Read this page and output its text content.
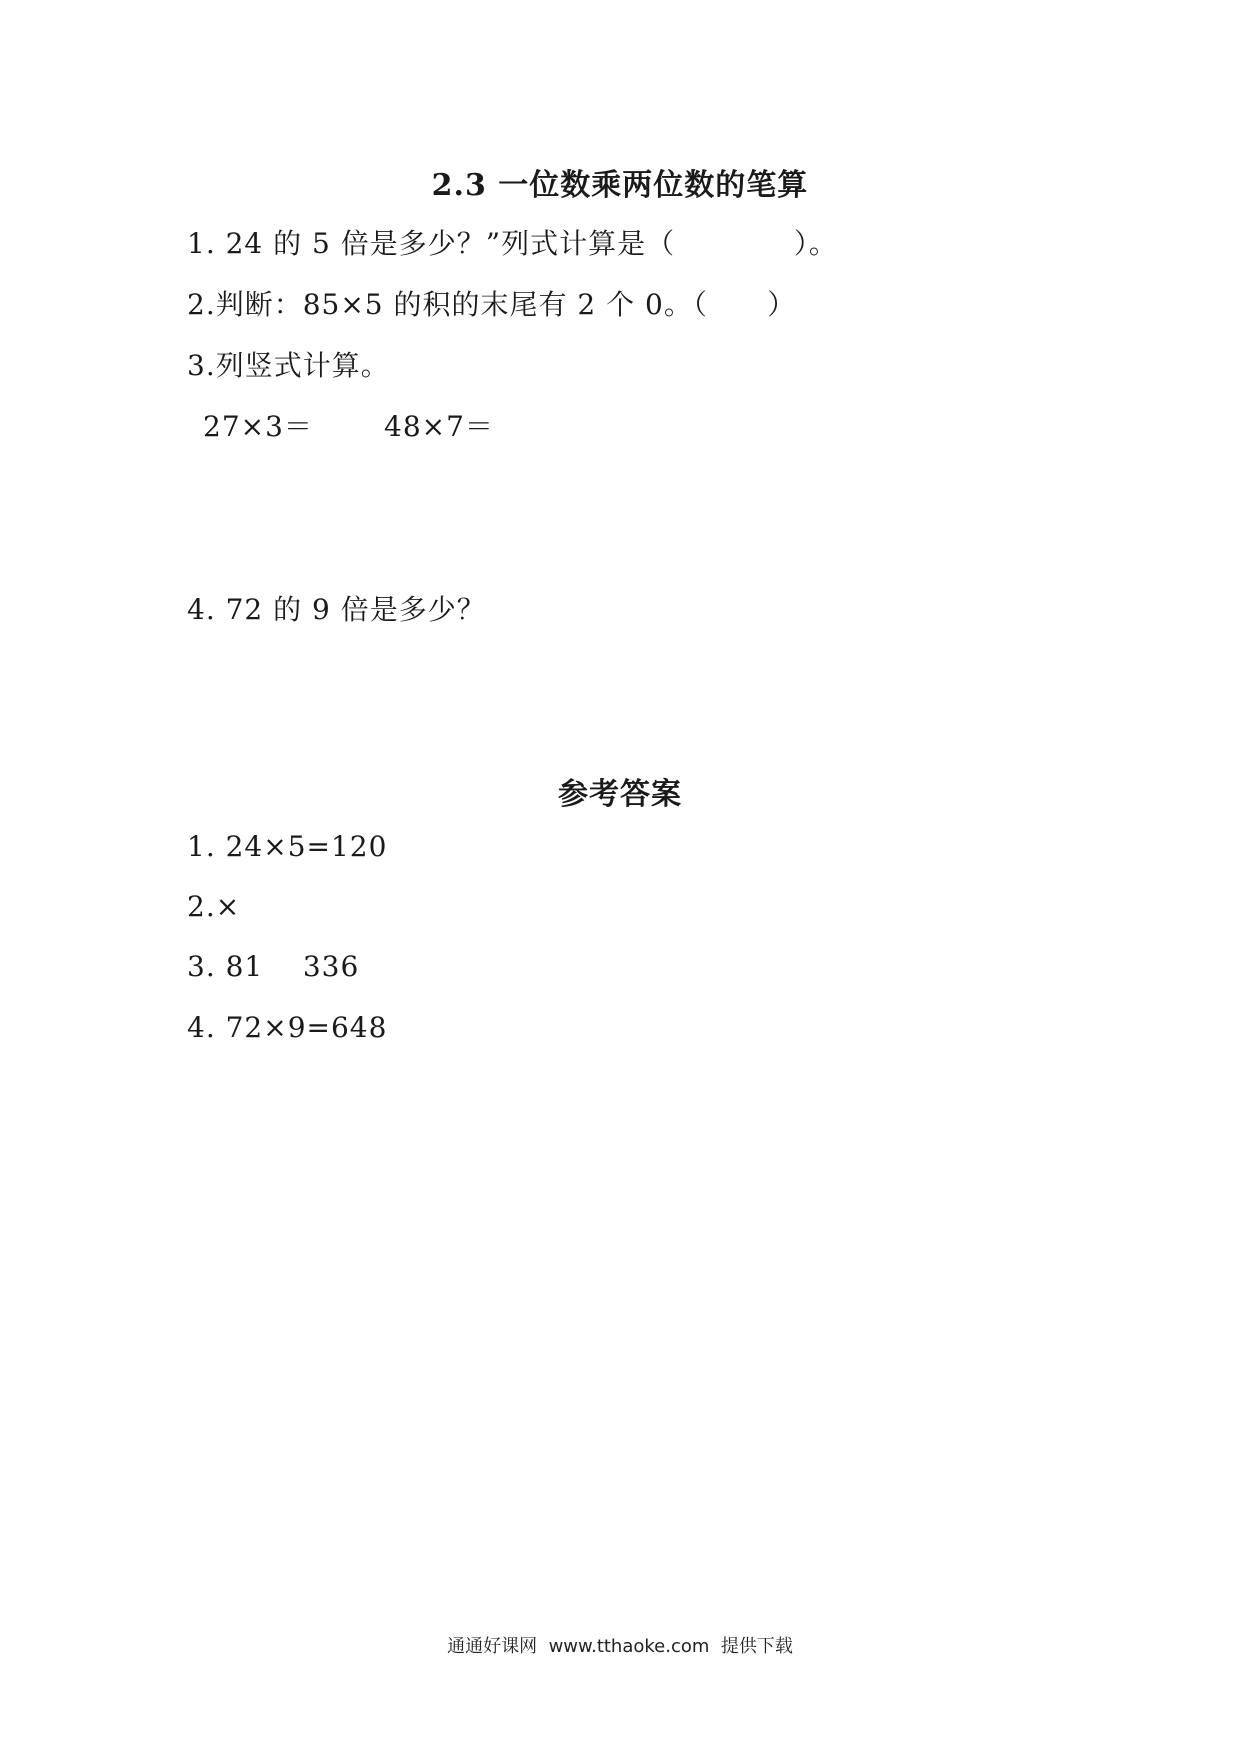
2.3 一位数乘两位数的笔算
1. 24 的 5 倍是多少？”列式计算是（            ）。
2.判断：85×5 的积的末尾有 2 个 0。（      ）
3.列竖式计算。
27×3＝	48×7＝
4. 72 的 9 倍是多少？
参考答案
1. 24×5=120
2.×
3. 81    336
4. 72×9=648
通通好课网  www.tthaoke.com  提供下载
